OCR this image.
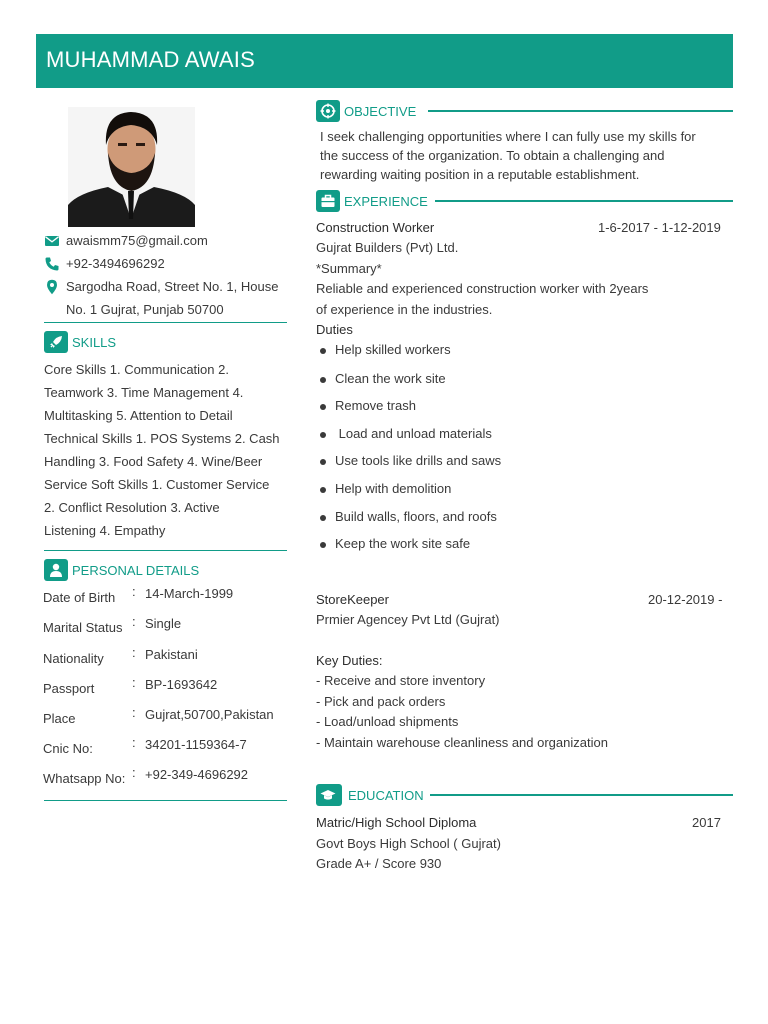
MUHAMMAD AWAIS
awaismm75@gmail.com
+92-3494696292
Sargodha Road, Street No. 1, House
No. 1 Gujrat, Punjab 50700
SKILLS
Core Skills 1. Communication 2.
Teamwork 3. Time Management 4.
Multitasking 5. Attention to Detail
Technical Skills 1. POS Systems 2. Cash
Handling 3. Food Safety 4. Wine/Beer
Service Soft Skills 1. Customer Service
2. Conflict Resolution 3. Active
Listening 4. Empathy
PERSONAL DETAILS
Date of Birth : 14-March-1999
Marital Status : Single
Nationality : Pakistani
Passport	: BP-1693642
Place	: Gujrat,50700,Pakistan
Cnic No:	: 34201-1159364-7
Whatsapp No: : +92-349-4696292
OBJECTIVE
I seek challenging opportunities where I can fully use my skills for
the success of the organization. To obtain a challenging and
rewarding waiting position in a reputable establishment.
EXPERIENCE
Construction Worker	1-6-2017 - 1-12-2019
Gujrat Builders (Pvt) Ltd.
*Summary*
Reliable and experienced construction worker with 2years
of experience in the industries.
Duties
Help skilled workers
Clean the work site
Remove trash
Load and unload materials
Use tools like drills and saws
Help with demolition
Build walls, floors, and roofs
Keep the work site safe
StoreKeeper	20-12-2019 -
Prmier Agencey Pvt Ltd (Gujrat)
Key Duties:
- Receive and store inventory
- Pick and pack orders
- Load/unload shipments
- Maintain warehouse cleanliness and organization
EDUCATION
Matric/High School Diploma	2017
Govt Boys High School ( Gujrat)
Grade A+ / Score 930
